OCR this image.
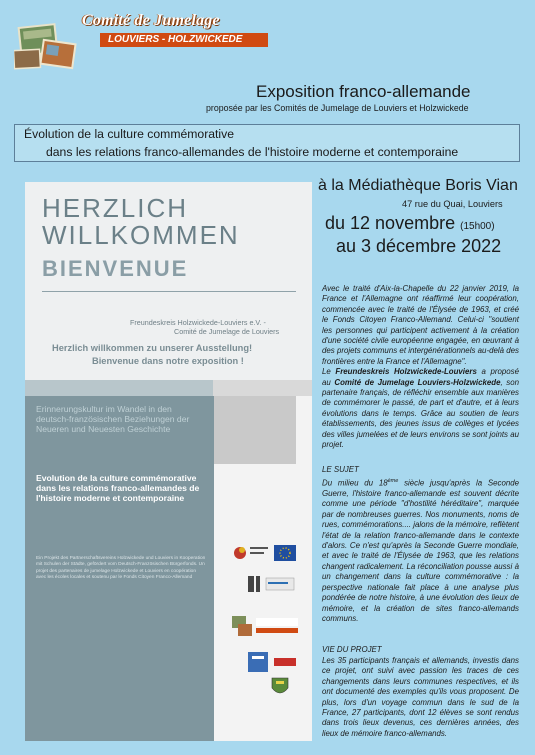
Comité de Jumelage
LOUVIERS - HOLZWICKEDE
Exposition franco-allemande
proposée par les Comités de Jumelage de Louviers et Holzwickede
Évolution de la culture commémorative
dans les relations franco-allemandes de l'histoire moderne et contemporaine
à la Médiathèque Boris Vian
47 rue du Quai, Louviers
du 12 novembre (15h00)
au 3 décembre 2022
HERZLICH
WILLKOMMEN
BIENVENUE
Freundeskreis Holzwickede-Louviers e.V. -
Comité de Jumelage de Louviers
Herzlich willkommen zu unserer Ausstellung!
Bienvenue dans notre exposition !
Erinnerungskultur im Wandel in den deutsch-französischen Beziehungen der Neueren und Neuesten Geschichte
Evolution de la culture commémorative dans les relations franco-allemandes de l'histoire moderne et contemporaine
Ein Projekt des Partnerschaftsvereins Holzwickede und Louviers in Kooperation mit Schulen der Städte, gefördert vom Deutsch-Französischen Bürgerfonds. Un projet des partenaires de jumelage Holzwickede et Louviers en coopération avec les écoles locales et soutenu par le Fonds Citoyen Franco-Allemand
Avec le traité d'Aix-la-Chapelle du 22 janvier 2019, la France et l'Allemagne ont réaffirmé leur coopération, commencée avec le traité de l'Élysée de 1963, et créé le Fonds Citoyen Franco-Allemand. Celui-ci "soutient les personnes qui participent activement à la création d'une société civile européenne engagée, en œuvrant à des projets communs et intergénérationnels au-delà des frontières entre la France et l'Allemagne".
Le Freundeskreis Holzwickede-Louviers a proposé au Comité de Jumelage Louviers-Holzwickede, son partenaire français, de réfléchir ensemble aux manières de commémorer le passé, de part et d'autre, et à leurs évolutions dans le temps. Grâce au soutien de leurs établissements, des jeunes issus de collèges et lycées des villes jumelées et de leurs environs se sont joints au projet.
LE SUJET
Du milieu du 18ème siècle jusqu'après la Seconde Guerre, l'histoire franco-allemande est souvent décrite comme une période "d'hostilité héréditaire", marquée par de nombreuses guerres. Nos monuments, noms de rues, commémorations.... jalons de la mémoire, reflètent l'état de la relation franco-allemande dans le contexte d'alors. Ce n'est qu'après la Seconde Guerre mondiale, et avec le traité de l'Élysée de 1963, que les relations changent radicalement. La réconciliation pousse aussi à un changement dans la culture commémorative : la perspective nationale fait place à une analyse plus pondérée de notre histoire, à une évolution des lieux de mémoire, et la création de sites franco-allemands communs.
VIE DU PROJET
Les 35 participants français et allemands, investis dans ce projet, ont suivi avec passion les traces de ces changements dans leurs communes respectives, et ils ont documenté des exemples qu'ils vous proposent. De plus, lors d'un voyage commun dans le sud de la France, 27 participants, dont 12 élèves se sont rendus dans trois lieux devenus, ces dernières années, des lieux de mémoire franco-allemands.
